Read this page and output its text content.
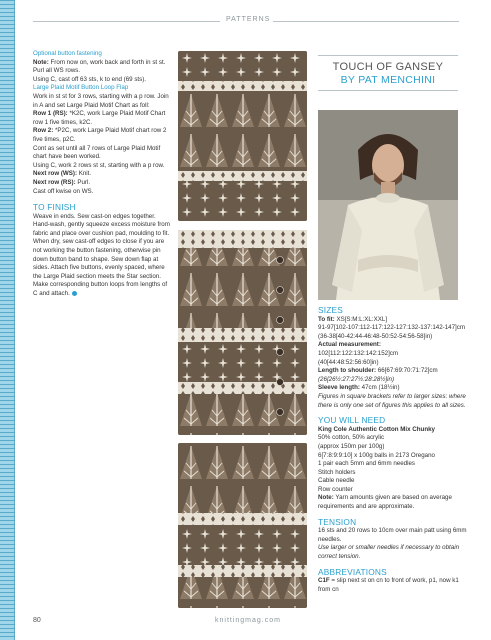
PATTERNS

Optional button fastening

Note: From now on, work back and forth in st st. Purl all WS rows.

Using C, cast off 63 sts, k to end (69 sts).

Large Plaid Motif Button Loop Flap

Work in st st for 3 rows, starting with a p row. Join in A and set Large Plaid Motif Chart as foll:

Row 1 (RS): *K2C, work Large Plaid Motif Chart row 1 five times, k2C.

Row 2: *P2C, work Large Plaid Motif chart row 2 five times, p2C.

Cont as set until all 7 rows of Large Plaid Motif chart have been worked.

Using C, work 2 rows st st, starting with a p row.

Next row (WS): Knit.

Next row (RS): Purl.

Cast off kwise on WS.

TO FINISH

Weave in ends. Sew cast-on edges together. Hand-wash, gently squeeze excess moisture from fabric and place over cushion pad, moulding to fit. When dry, sew cast-off edges to close if you are not working the button fastening, otherwise pin down button band to shape. Sew down flap at sides. Attach five buttons, evenly spaced, where the Large Plaid section meets the Star section. Make corresponding button loops from lengths of C and attach.

TOUCH OF GANSEY
BY PAT MENCHINI
SIZES

To fit: XS[S:M:L:XL:XXL]

91-97[102-107:112-117:122-127:132-137:142-147]cm

(36-38[40-42:44-46:48-50:52-54:56-58]in)

Actual measurement:

102[112:122:132:142:152]cm

(40[44:48:52:56:60]in)

Length to shoulder: 66[67:69:70:71:72]cm

(26[26½:27:27½:28:28½]in)

Sleeve length: 47cm (18½in)

Figures in square brackets refer to larger sizes: where there is only one set of figures this applies to all sizes.

YOU WILL NEED

King Cole Authentic Cotton Mix Chunky

50% cotton, 50% acrylic

(approx 150m per 100g)

6[7:8:9:9:10] x 100g balls in 2173 Oregano

1 pair each 5mm and 6mm needles

Stitch holders

Cable needle

Row counter

Note: Yarn amounts given are based on average requirements and are approximate.

TENSION

16 sts and 20 rows to 10cm over main patt using 6mm needles.

Use larger or smaller needles if necessary to obtain correct tension.

ABBREVIATIONS

C1F = slip next st on cn to front of work, p1, now k1 from cn

80	knittingmag.com
